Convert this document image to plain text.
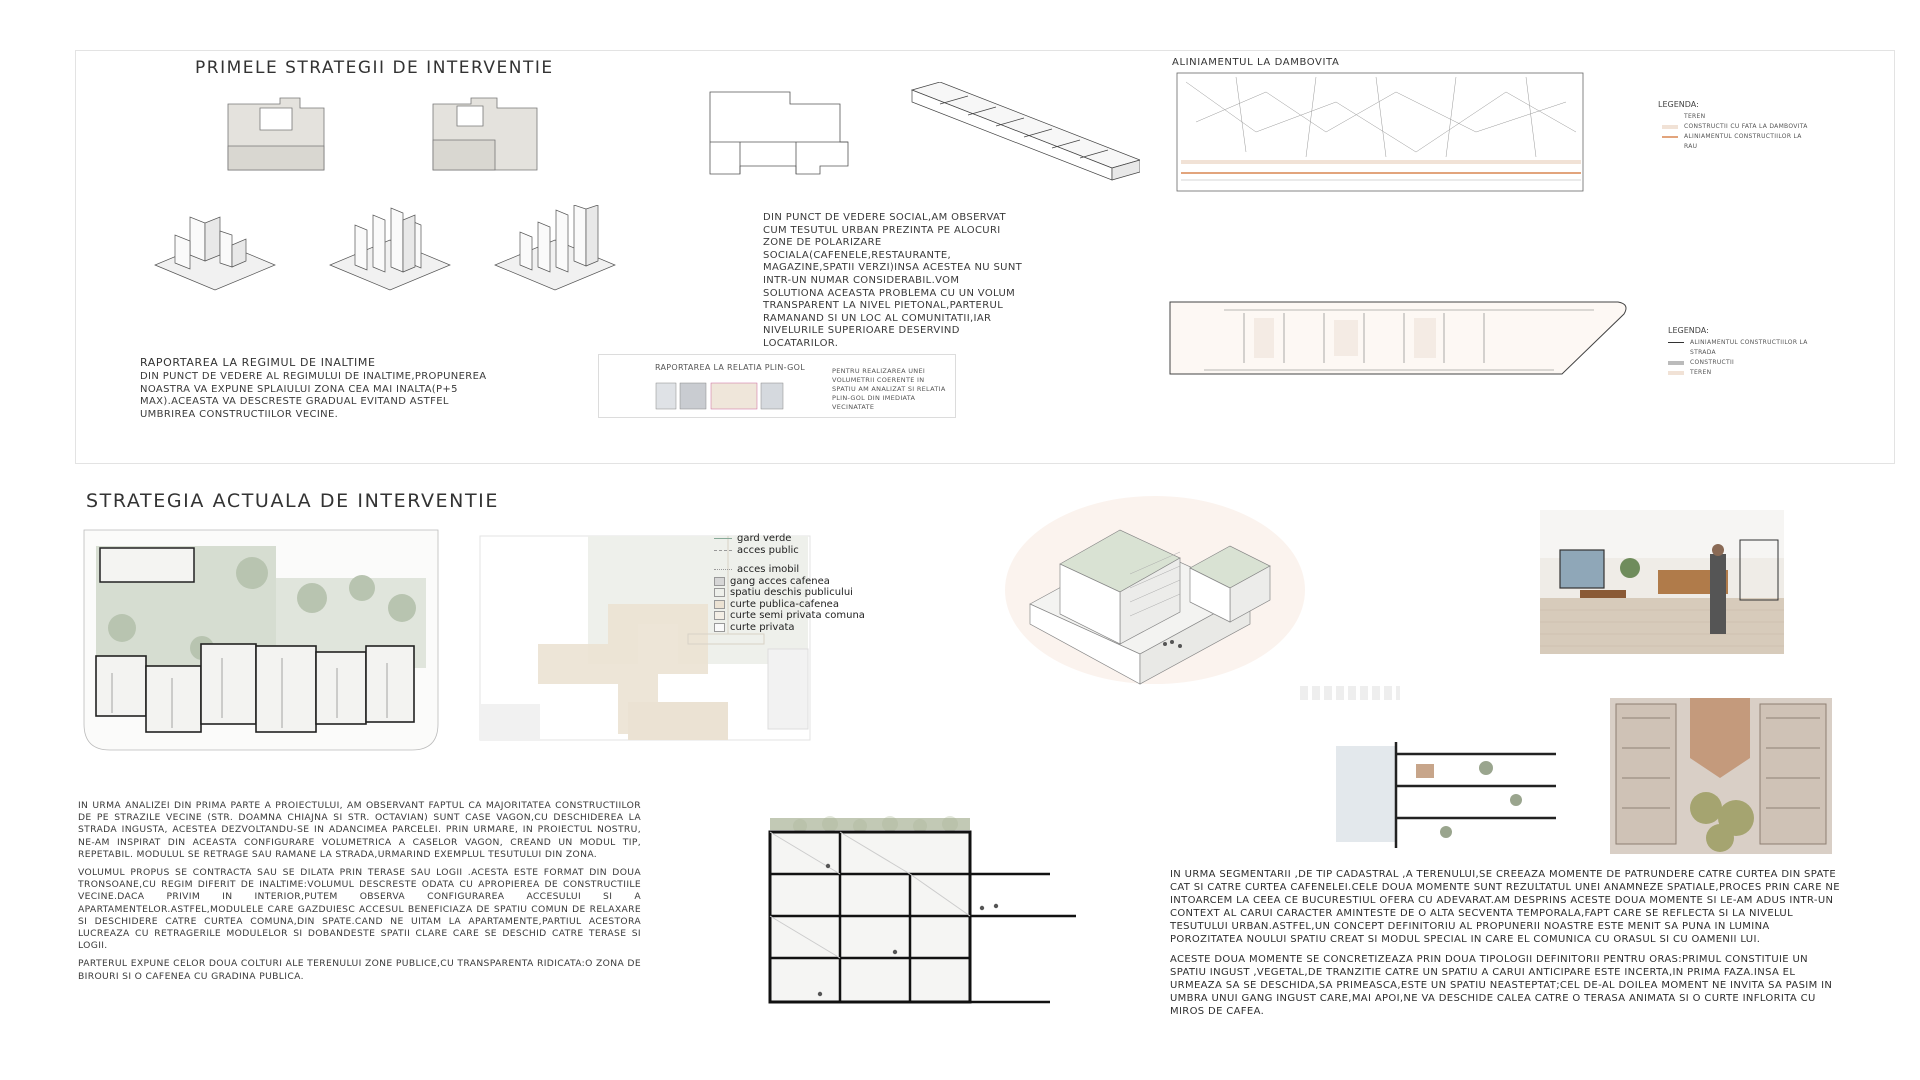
PRIMELE STRATEGII DE INTERVENTIE
RAPORTAREA LA REGIMUL DE INALTIME

DIN PUNCT DE VEDERE AL REGIMULUI DE INALTIME,PROPUNEREA NOASTRA VA EXPUNE SPLAIULUI ZONA CEA MAI INALTA(P+5 MAX).ACEASTA VA DESCRESTE GRADUAL EVITAND ASTFEL UMBRIREA CONSTRUCTIILOR VECINE.

RAPORTAREA LA RELATIA PLIN-GOL	PENTRU REALIZAREA UNEI VOLUMETRII COERENTE IN SPATIU AM ANALIZAT SI RELATIA PLIN-GOL DIN IMEDIATA VECINATATE

DIN PUNCT DE VEDERE SOCIAL,AM OBSERVAT CUM TESUTUL URBAN PREZINTA PE ALOCURI ZONE DE POLARIZARE SOCIALA(CAFENELE,RESTAURANTE, MAGAZINE,SPATII VERZI)INSA ACESTEA NU SUNT INTR-UN NUMAR CONSIDERABIL.VOM SOLUTIONA ACEASTA PROBLEMA CU UN VOLUM TRANSPARENT LA NIVEL PIETONAL,PARTERUL RAMANAND SI UN LOC AL COMUNITATII,IAR NIVELURILE SUPERIOARE DESERVIND LOCATARILOR.

ALINIAMENTUL LA DAMBOVITA
LEGENDA:
TEREN
CONSTRUCTII CU FATA LA DAMBOVITA
ALINIAMENTUL CONSTRUCTIILOR LA RAU
LEGENDA:
ALINIAMENTUL CONSTRUCTIILOR LA STRADA
CONSTRUCTII
TEREN
STRATEGIA ACTUALA DE INTERVENTIE
gard verde
acces public
acces imobil
gang acces cafenea
spatiu deschis publicului
curte publica-cafenea
curte semi privata comuna
curte privata

IN URMA ANALIZEI DIN PRIMA PARTE A PROIECTULUI, AM OBSERVANT FAPTUL CA MAJORITATEA CONSTRUCTIILOR DE PE STRAZILE VECINE (STR. DOAMNA CHIAJNA SI STR. OCTAVIAN) SUNT CASE VAGON,CU DESCHIDEREA LA STRADA INGUSTA, ACESTEA DEZVOLTANDU-SE IN ADANCIMEA PARCELEI. PRIN URMARE, IN PROIECTUL NOSTRU, NE-AM INSPIRAT DIN ACEASTA CONFIGURARE VOLUMETRICA A CASELOR VAGON, CREAND UN MODUL TIP, REPETABIL. MODULUL SE RETRAGE SAU RAMANE LA STRADA,URMARIND EXEMPLUL TESUTULUI DIN ZONA.

VOLUMUL PROPUS SE CONTRACTA SAU SE DILATA PRIN TERASE SAU LOGII .ACESTA ESTE FORMAT DIN DOUA TRONSOANE,CU REGIM DIFERIT DE INALTIME:VOLUMUL DESCRESTE ODATA CU APROPIEREA DE CONSTRUCTIILE VECINE.DACA PRIVIM IN INTERIOR,PUTEM OBSERVA CONFIGURAREA ACCESULUI SI A APARTAMENTELOR.ASTFEL,MODULELE CARE GAZDUIESC ACCESUL BENEFICIAZA DE SPATIU COMUN DE RELAXARE SI DESCHIDERE CATRE CURTEA COMUNA,DIN SPATE.CAND NE UITAM LA APARTAMENTE,PARTIUL ACESTORA LUCREAZA CU RETRAGERILE MODULELOR SI DOBANDESTE SPATII CLARE CARE SE DESCHID CATRE TERASE SI LOGII.

PARTERUL EXPUNE CELOR DOUA COLTURI ALE TERENULUI ZONE PUBLICE,CU TRANSPARENTA RIDICATA:O ZONA DE BIROURI SI O CAFENEA CU GRADINA PUBLICA.

IN URMA SEGMENTARII ,DE TIP CADASTRAL ,A TERENULUI,SE CREEAZA MOMENTE DE PATRUNDERE CATRE CURTEA DIN SPATE CAT SI CATRE CURTEA CAFENELEI.CELE DOUA MOMENTE SUNT REZULTATUL UNEI ANAMNEZE SPATIALE,PROCES PRIN CARE NE INTOARCEM LA CEEA CE BUCURESTIUL OFERA CU ADEVARAT.AM DESPRINS ACESTE DOUA MOMENTE SI LE-AM ADUS INTR-UN CONTEXT AL CARUI CARACTER AMINTESTE DE O ALTA SECVENTA TEMPORALA,FAPT CARE SE REFLECTA SI LA NIVELUL TESUTULUI URBAN.ASTFEL,UN CONCEPT DEFINITORIU AL PROPUNERII NOASTRE ESTE MENIT SA PUNA IN LUMINA POROZITATEA NOULUI SPATIU CREAT SI MODUL SPECIAL IN CARE EL COMUNICA CU ORASUL SI CU OAMENII LUI.

ACESTE DOUA MOMENTE SE CONCRETIZEAZA PRIN DOUA TIPOLOGII DEFINITORII PENTRU ORAS:PRIMUL CONSTITUIE UN SPATIU INGUST ,VEGETAL,DE TRANZITIE CATRE UN SPATIU A CARUI ANTICIPARE ESTE INCERTA,IN PRIMA FAZA.INSA EL URMEAZA SA SE DESCHIDA,SA PRIMEASCA,ESTE UN SPATIU NEASTEPTAT;CEL DE-AL DOILEA MOMENT NE INVITA SA PASIM IN UMBRA UNUI GANG INGUST CARE,MAI APOI,NE VA DESCHIDE CALEA CATRE O TERASA ANIMATA SI O CURTE INFLORITA CU MIROS DE CAFEA.
